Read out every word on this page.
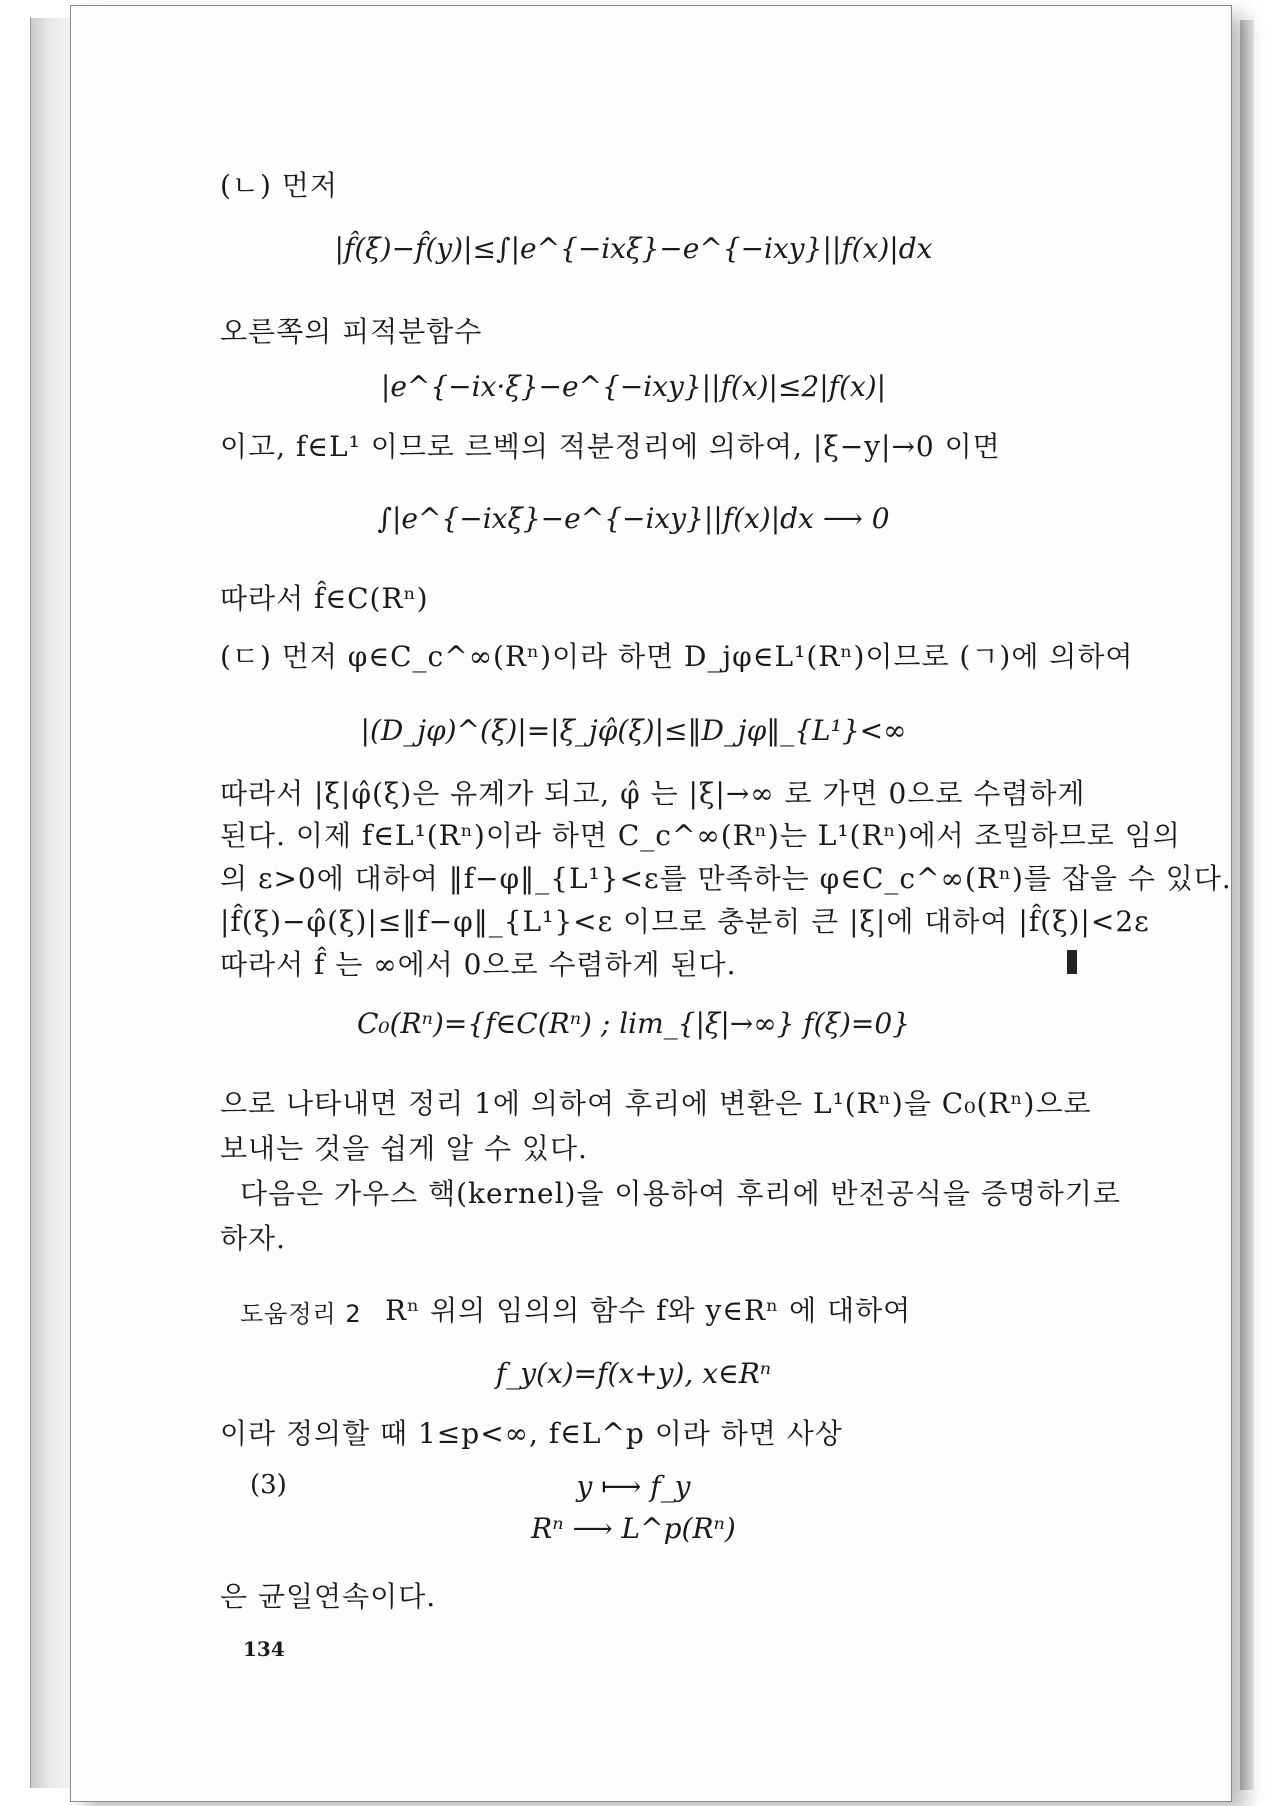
(ㄴ) 먼저
|f̂(ξ)−f̂(y)|≤∫|e^{−ixξ}−e^{−ixy}||f(x)|dx
오른쪽의 피적분함수
|e^{−ix·ξ}−e^{−ixy}||f(x)|≤2|f(x)|
이고, f∈L¹ 이므로 르벡의 적분정리에 의하여, |ξ−y|→0 이면
∫|e^{−ixξ}−e^{−ixy}||f(x)|dx ⟶ 0
따라서 f̂∈C(Rⁿ)
(ㄷ) 먼저 φ∈C_c^∞(Rⁿ)이라 하면 D_jφ∈L¹(Rⁿ)이므로 (ㄱ)에 의하여
|(D_jφ)^(ξ)|=|ξ_jφ̂(ξ)|≤‖D_jφ‖_{L¹}<∞
따라서 |ξ|φ̂(ξ)은 유계가 되고, φ̂ 는 |ξ|→∞ 로 가면 0으로 수렴하게
된다. 이제 f∈L¹(Rⁿ)이라 하면 C_c^∞(Rⁿ)는 L¹(Rⁿ)에서 조밀하므로 임의
의 ε>0에 대하여 ‖f−φ‖_{L¹}<ε를 만족하는 φ∈C_c^∞(Rⁿ)를 잡을 수 있다.
|f̂(ξ)−φ̂(ξ)|≤‖f−φ‖_{L¹}<ε 이므로 충분히 큰 |ξ|에 대하여 |f̂(ξ)|<2ε
따라서 f̂ 는 ∞에서 0으로 수렴하게 된다.
C₀(Rⁿ)={f∈C(Rⁿ) ; lim_{|ξ|→∞} f(ξ)=0}
으로 나타내면 정리 1에 의하여 후리에 변환은 L¹(Rⁿ)을 C₀(Rⁿ)으로
보내는 것을 쉽게 알 수 있다.
다음은 가우스 핵(kernel)을 이용하여 후리에 반전공식을 증명하기로
하자.
도움정리 2 Rⁿ 위의 임의의 함수 f와 y∈Rⁿ 에 대하여
f_y(x)=f(x+y), x∈Rⁿ
이라 정의할 때 1≤p<∞, f∈L^p 이라 하면 사상
(3)	y ⟼ f_y
Rⁿ ⟶ L^p(Rⁿ)
은 균일연속이다.
134
